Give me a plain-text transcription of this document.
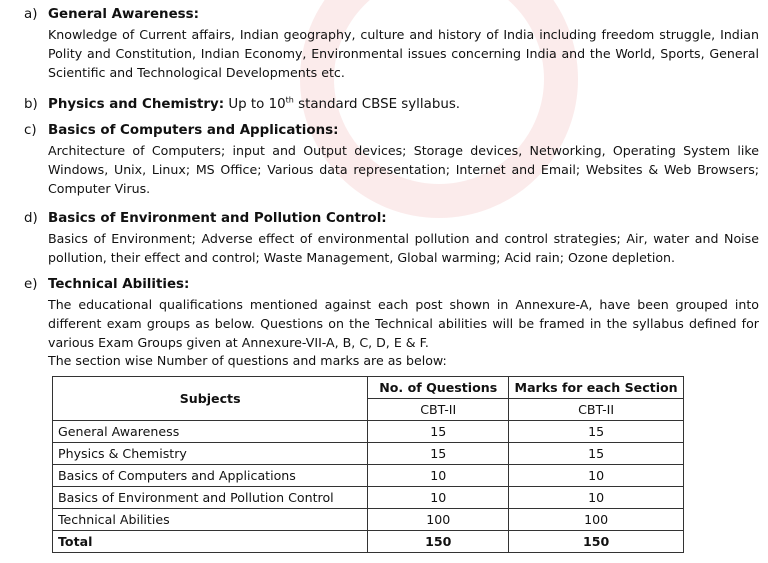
a) General Awareness:
Knowledge of Current affairs, Indian geography, culture and history of India including freedom struggle, Indian Polity and Constitution, Indian Economy, Environmental issues concerning India and the World, Sports, General Scientific and Technological Developments etc.
b) Physics and Chemistry: Up to 10th standard CBSE syllabus.
c) Basics of Computers and Applications:
Architecture of Computers; input and Output devices; Storage devices, Networking, Operating System like Windows, Unix, Linux; MS Office; Various data representation; Internet and Email; Websites & Web Browsers; Computer Virus.
d) Basics of Environment and Pollution Control:
Basics of Environment; Adverse effect of environmental pollution and control strategies; Air, water and Noise pollution, their effect and control; Waste Management, Global warming; Acid rain; Ozone depletion.
e) Technical Abilities:
The educational qualifications mentioned against each post shown in Annexure-A, have been grouped into different exam groups as below. Questions on the Technical abilities will be framed in the syllabus defined for various Exam Groups given at Annexure-VII-A, B, C, D, E & F.
The section wise Number of questions and marks are as below:
Subjects	No. of Questions	Marks for each Section
	CBT-II	CBT-II
General Awareness	15	15
Physics & Chemistry	15	15
Basics of Computers and Applications	10	10
Basics of Environment and Pollution Control	10	10
Technical Abilities	100	100
Total	150	150
